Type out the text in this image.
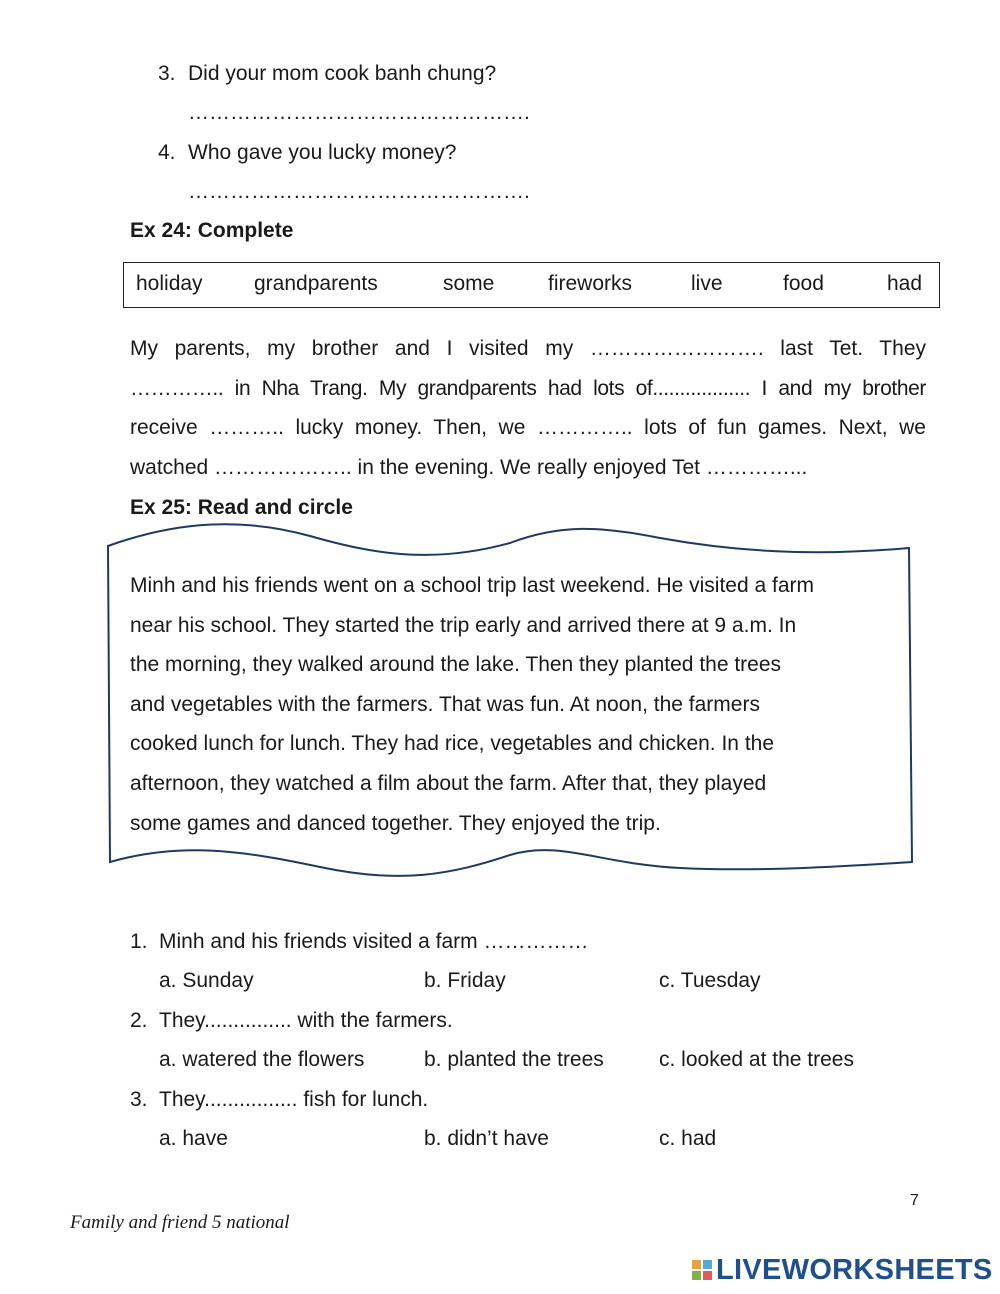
3. Did your mom cook banh chung?
………………………………………….
4. Who gave you lucky money?
………………………………………….
Ex 24: Complete
holiday grandparents	some	fireworks	live	food	had
My parents, my brother and I visited my ……………………. last Tet. They
………….. in Nha Trang. My grandparents had lots of.................. I and my brother
receive ……….. lucky money. Then, we ………….. lots of fun games. Next, we
watched ……………….. in the evening. We really enjoyed Tet …………...
Ex 25: Read and circle
Minh and his friends went on a school trip last weekend. He visited a farm
near his school. They started the trip early and arrived there at 9 a.m. In
the morning, they walked around the lake. Then they planted the trees
and vegetables with the farmers. That was fun. At noon, the farmers
cooked lunch for lunch. They had rice, vegetables and chicken. In the
afternoon, they watched a film about the farm. After that, they played
some games and danced together. They enjoyed the trip.
1. Minh and his friends visited a farm ……………
a. Sunday	b. Friday	c. Tuesday
2. They............... with the farmers.
a. watered the flowers	b. planted the trees	c. looked at the trees
3. They................ fish for lunch.
a. have	b. didn’t have	c. had
7
Family and friend 5 national
LIVEWORKSHEETS
